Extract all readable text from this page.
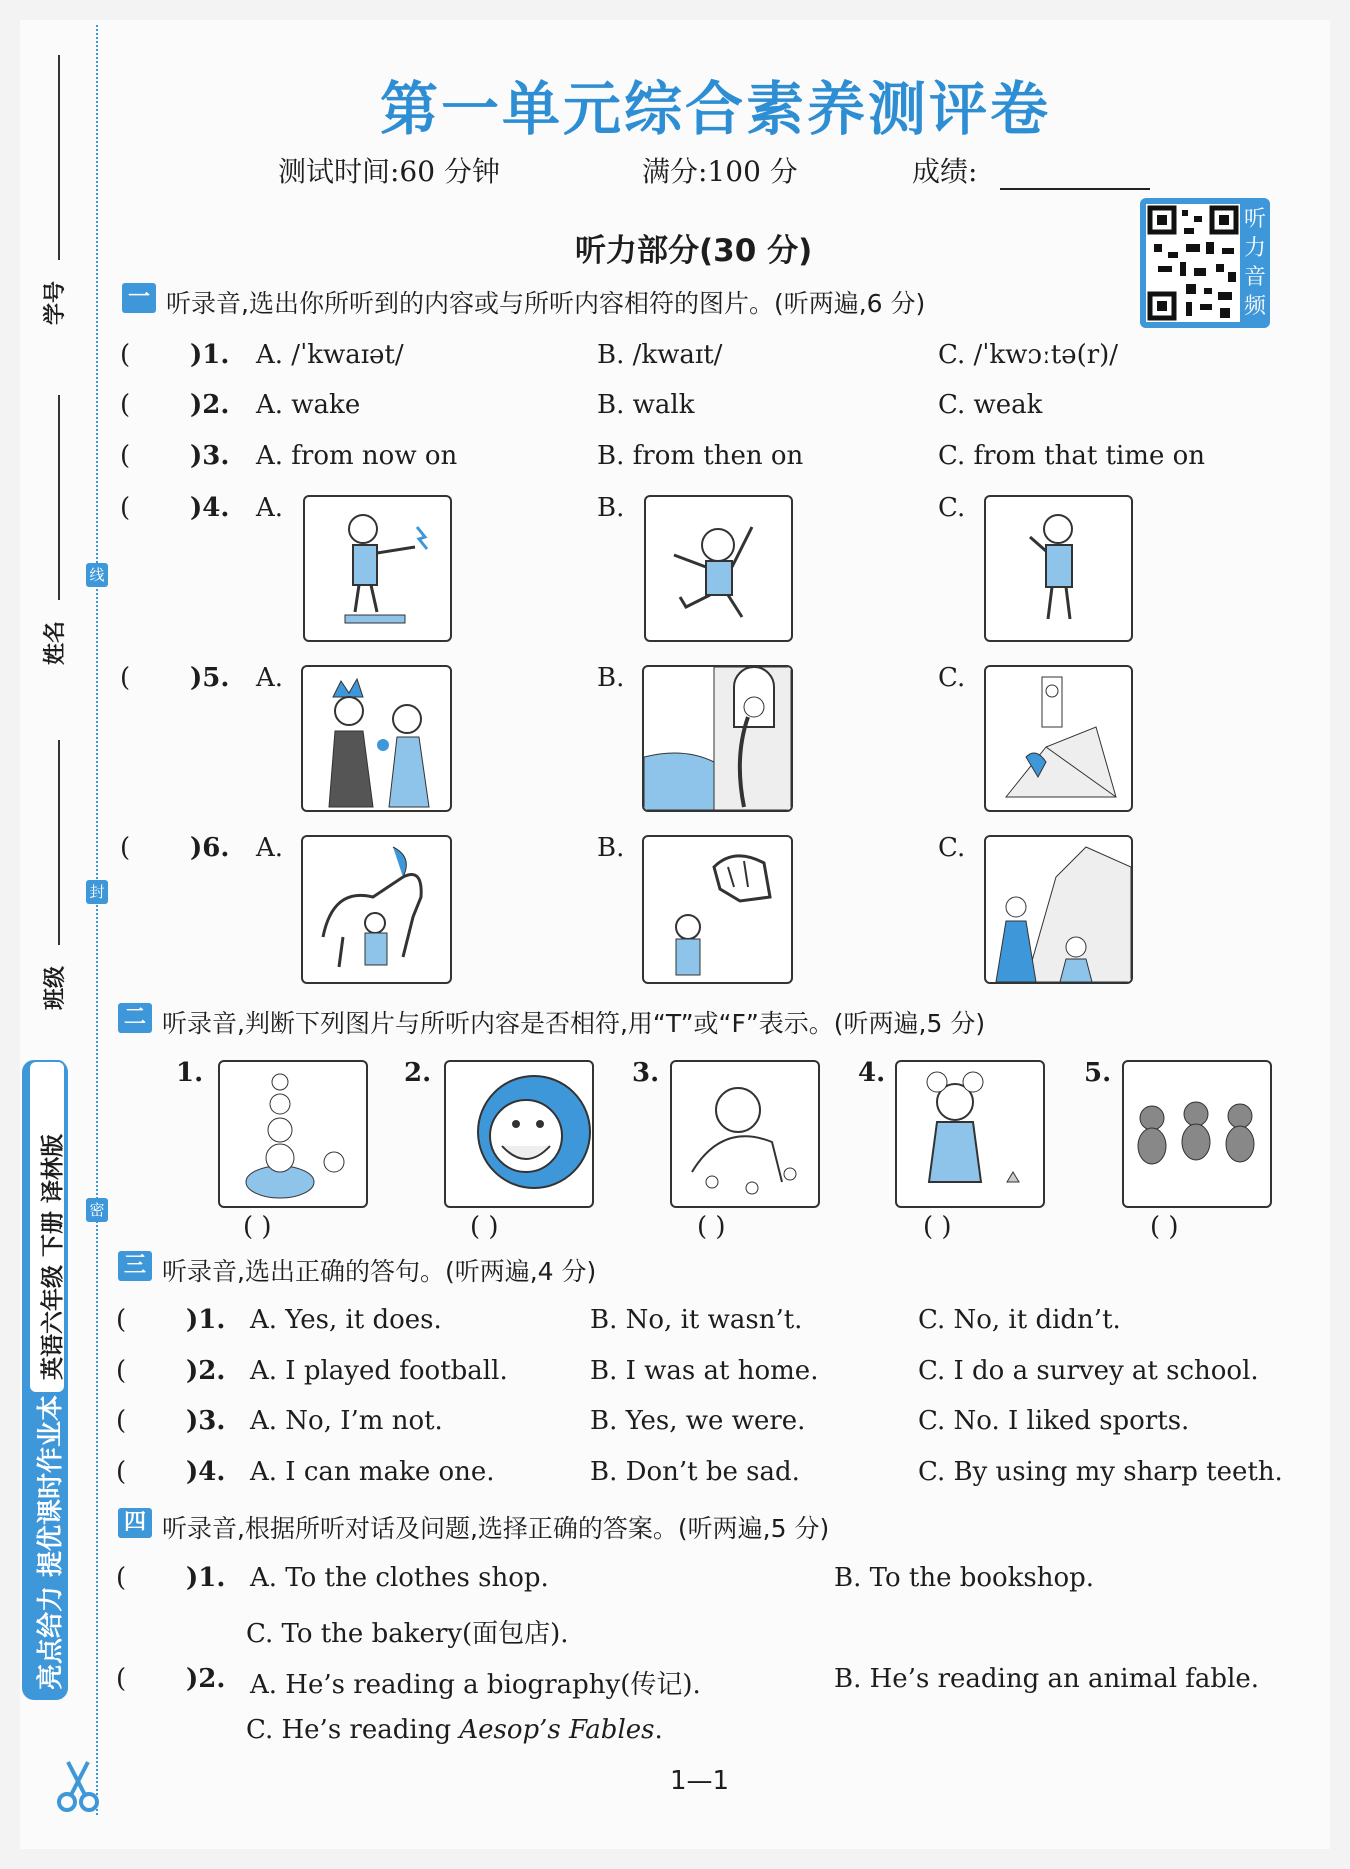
学号
姓名
班级
线
封
密
英语六年级 下册 译林版
亮点给力 提优课时作业本
第一单元综合素养测评卷
测试时间:60 分钟	满分:100 分	成绩:
听力部分(30 分)
听力音频
一 听录音,选出你所听到的内容或与所听内容相符的图片。(听两遍,6 分)
( )1. A. /ˈkwaɪət/	B. /kwaɪt/	C. /ˈkwɔːtə(r)/
( )2. A. wake	B. walk	C. weak
( )3. A. from now on	B. from then on	C. from that time on
( )4. A.	B.	C.
( )5. A.	B.	C.
( )6. A.	B.	C.
二 听录音,判断下列图片与所听内容是否相符,用“T”或“F”表示。(听两遍,5 分)
1.	2.	3.	4.	5.
( )	( )	( )	( )	( )
三 听录音,选出正确的答句。(听两遍,4 分)
( )1. A. Yes, it does.	B. No, it wasn’t.	C. No, it didn’t.
( )2. A. I played football.	B. I was at home.	C. I do a survey at school.
( )3. A. No, I’m not.	B. Yes, we were.	C. No. I liked sports.
( )4. A. I can make one.	B. Don’t be sad.	C. By using my sharp teeth.
四 听录音,根据所听对话及问题,选择正确的答案。(听两遍,5 分)
( )1. A. To the clothes shop.	B. To the bookshop.
C. To the bakery(面包店).
( )2. A. He’s reading a biography(传记).	B. He’s reading an animal fable.
C. He’s reading Aesop’s Fables.
1—1
